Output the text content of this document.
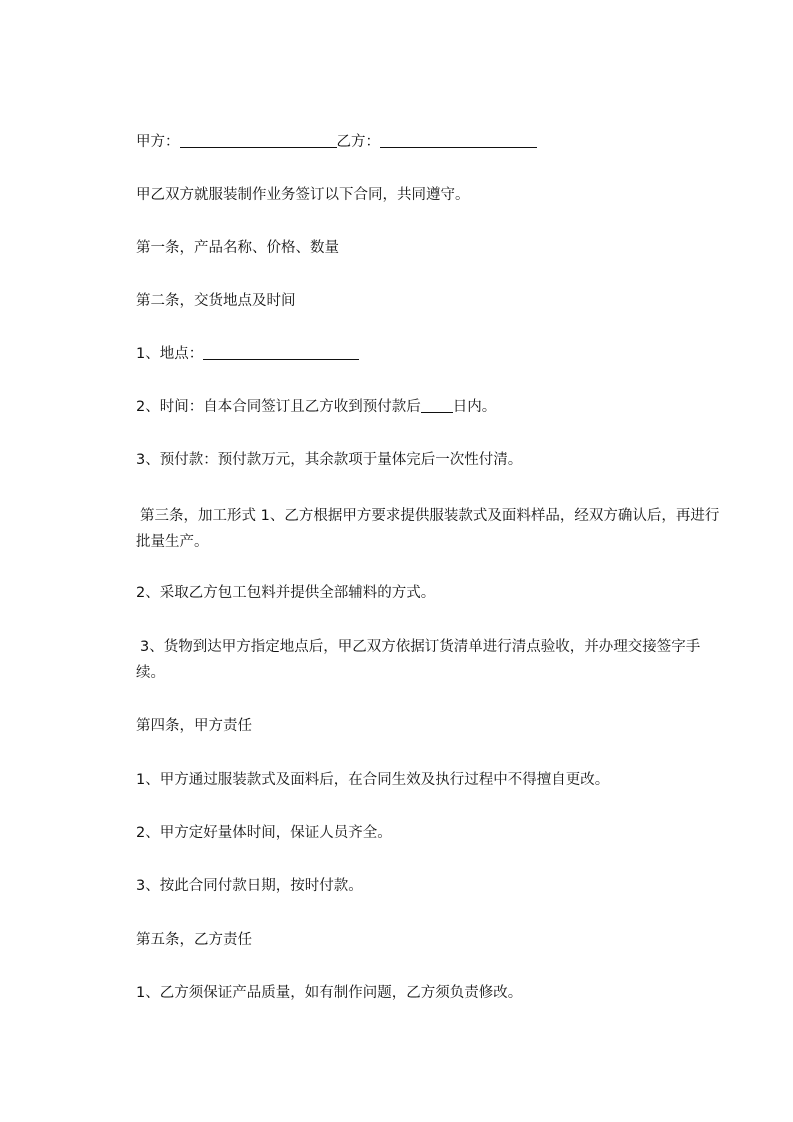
甲方：	乙方：
甲乙双方就服装制作业务签订以下合同，共同遵守。
第一条，产品名称、价格、数量
第二条，交货地点及时间
1、地点：
2、时间：自本合同签订且乙方收到预付款后 日内。
3、预付款：预付款万元，其余款项于量体完后一次性付清。
第三条，加工形式 1、乙方根据甲方要求提供服装款式及面料样品，经双方确认后，再进行批量生产。
2、采取乙方包工包料并提供全部辅料的方式。
3、货物到达甲方指定地点后，甲乙双方依据订货清单进行清点验收，并办理交接签字手续。
第四条，甲方责任
1、甲方通过服装款式及面料后，在合同生效及执行过程中不得擅自更改。
2、甲方定好量体时间，保证人员齐全。
3、按此合同付款日期，按时付款。
第五条，乙方责任
1、乙方须保证产品质量，如有制作问题，乙方须负责修改。
